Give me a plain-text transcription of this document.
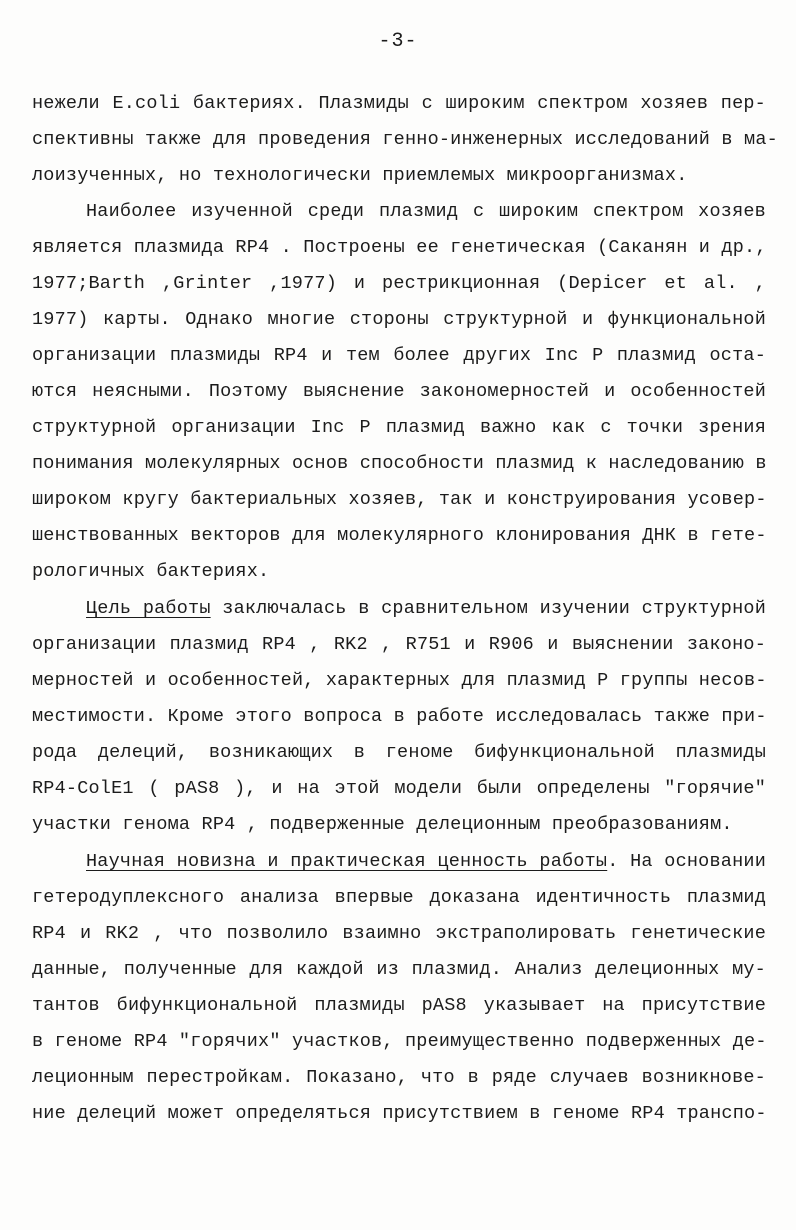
-3-
нежели E.coli бактериях. Плазмиды с широким спектром хозяев пер-
спективны также для проведения генно-инженерных исследований в ма-
лоизученных, но технологически приемлемых микроорганизмах.
Наиболее изученной среди плазмид с широким спектром хозяев
является плазмида RP4 . Построены ее генетическая (Саканян и др.,
1977;Barth ,Grinter ,1977) и рестрикционная (Depicer et al. ,
1977) карты. Однако многие стороны структурной и функциональной
организации плазмиды RP4 и тем более других Inc P плазмид оста-
ются неясными. Поэтому выяснение закономерностей и особенностей
структурной организации Inc P плазмид важно как с точки зрения
понимания молекулярных основ способности плазмид к наследованию в
широком кругу бактериальных хозяев, так и конструирования усовер-
шенствованных векторов для молекулярного клонирования ДНК в гете-
рологичных бактериях.
Цель работы заключалась в сравнительном изучении структурной
организации плазмид RP4 , RK2 , R751 и R906 и выяснении законо-
мерностей и особенностей, характерных для плазмид P группы несов-
местимости. Кроме этого вопроса в работе исследовалась также при-
рода делеций, возникающих в геноме бифункциональной плазмиды
RP4-ColE1 ( pAS8 ), и на этой модели были определены "горячие"
участки генома RP4 , подверженные делеционным преобразованиям.
Научная новизна и практическая ценность работы. На основании
гетеродуплексного анализа впервые доказана идентичность плазмид
RP4 и RK2 , что позволило взаимно экстраполировать генетические
данные, полученные для каждой из плазмид. Анализ делеционных му-
тантов бифункциональной плазмиды pAS8 указывает на присутствие
в геноме RP4 "горячих" участков, преимущественно подверженных де-
леционным перестройкам. Показано, что в ряде случаев возникнове-
ние делеций может определяться присутствием в геноме RP4 транспо-
